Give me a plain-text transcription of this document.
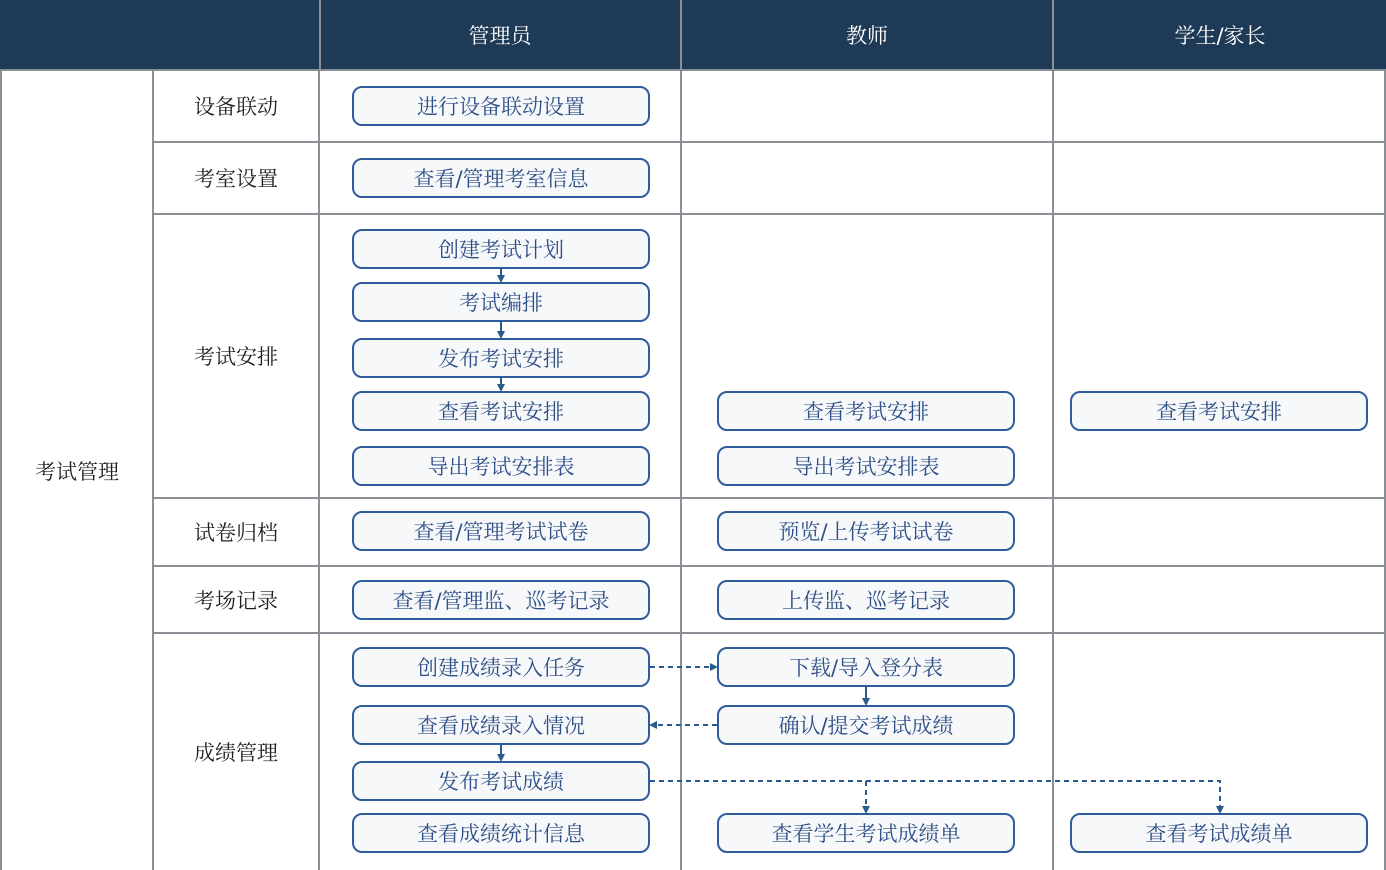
管理员	教师	学生/家长
考试管理
设备联动
考室设置
考试安排
试卷归档
考场记录
成绩管理
进行设备联动设置
查看/管理考室信息
创建考试计划
考试编排
发布考试安排
查看考试安排
导出考试安排表
查看/管理考试试卷
查看/管理监、巡考记录
创建成绩录入任务
查看成绩录入情况
发布考试成绩
查看成绩统计信息
查看考试安排
导出考试安排表
预览/上传考试试卷
上传监、巡考记录
下载/导入登分表
确认/提交考试成绩
查看学生考试成绩单
查看考试安排
查看考试成绩单
